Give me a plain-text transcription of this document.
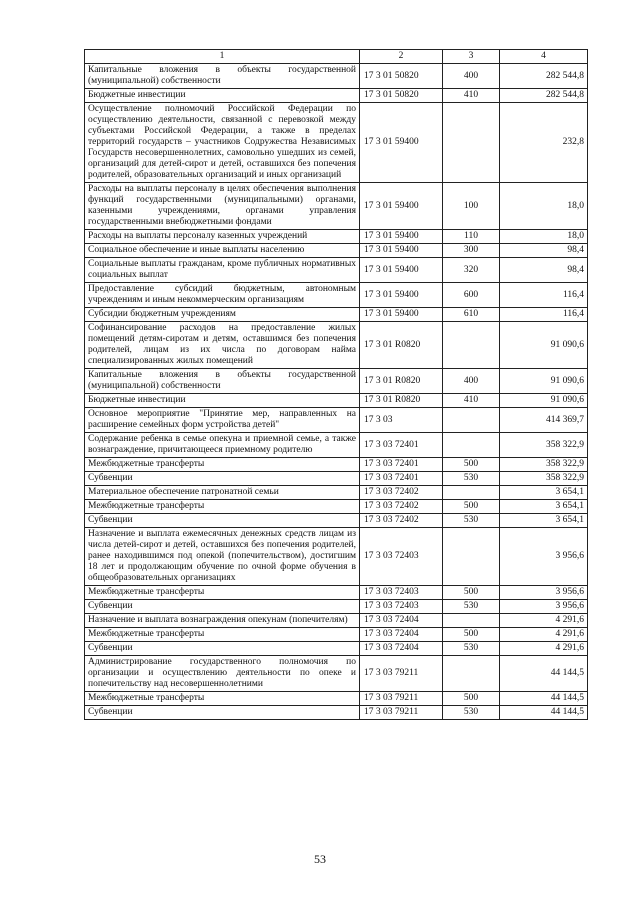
1	2	3	4
Капитальные вложения в объекты государственной (муниципальной) собственности	17 3 01 50820	400	282 544,8
Бюджетные инвестиции	17 3 01 50820	410	282 544,8
Осуществление полномочий Российской Федерации по осуществлению деятельности, связанной с перевозкой между субъектами Российской Федерации, а также в пределах территорий государств – участников Содружества Независимых Государств несовершеннолетних, самовольно ушедших из семей, организаций для детей-сирот и детей, оставшихся без попечения родителей, образовательных организаций и иных организаций	17 3 01 59400		232,8
Расходы на выплаты персоналу в целях обеспечения выполнения функций государственными (муниципальными) органами, казенными учреждениями, органами управления государственными внебюджетными фондами	17 3 01 59400	100	18,0
Расходы на выплаты персоналу казенных учреждений	17 3 01 59400	110	18,0
Социальное обеспечение и иные выплаты населению	17 3 01 59400	300	98,4
Социальные выплаты гражданам, кроме публичных нормативных социальных выплат	17 3 01 59400	320	98,4
Предоставление субсидий бюджетным, автономным учреждениям и иным некоммерческим организациям	17 3 01 59400	600	116,4
Субсидии бюджетным учреждениям	17 3 01 59400	610	116,4
Софинансирование расходов на предоставление жилых помещений детям-сиротам и детям, оставшимся без попечения родителей, лицам из их числа по договорам найма специализированных жилых помещений	17 3 01 R0820		91 090,6
Капитальные вложения в объекты государственной (муниципальной) собственности	17 3 01 R0820	400	91 090,6
Бюджетные инвестиции	17 3 01 R0820	410	91 090,6
Основное мероприятие "Принятие мер, направленных на расширение семейных форм устройства детей"	17 3 03		414 369,7
Содержание ребенка в семье опекуна и приемной семье, а также вознаграждение, причитающееся приемному родителю	17 3 03 72401		358 322,9
Межбюджетные трансферты	17 3 03 72401	500	358 322,9
Субвенции	17 3 03 72401	530	358 322,9
Материальное обеспечение патронатной семьи	17 3 03 72402		3 654,1
Межбюджетные трансферты	17 3 03 72402	500	3 654,1
Субвенции	17 3 03 72402	530	3 654,1
Назначение и выплата ежемесячных денежных средств лицам из числа детей-сирот и детей, оставшихся без попечения родителей, ранее находившимся под опекой (попечительством), достигшим 18 лет и продолжающим обучение по очной форме обучения в общеобразовательных организациях	17 3 03 72403		3 956,6
Межбюджетные трансферты	17 3 03 72403	500	3 956,6
Субвенции	17 3 03 72403	530	3 956,6
Назначение и выплата вознаграждения опекунам (попечителям)	17 3 03 72404		4 291,6
Межбюджетные трансферты	17 3 03 72404	500	4 291,6
Субвенции	17 3 03 72404	530	4 291,6
Администрирование государственного полномочия по организации и осуществлению деятельности по опеке и попечительству над несовершеннолетними	17 3 03 79211		44 144,5
Межбюджетные трансферты	17 3 03 79211	500	44 144,5
Субвенции	17 3 03 79211	530	44 144,5
53
